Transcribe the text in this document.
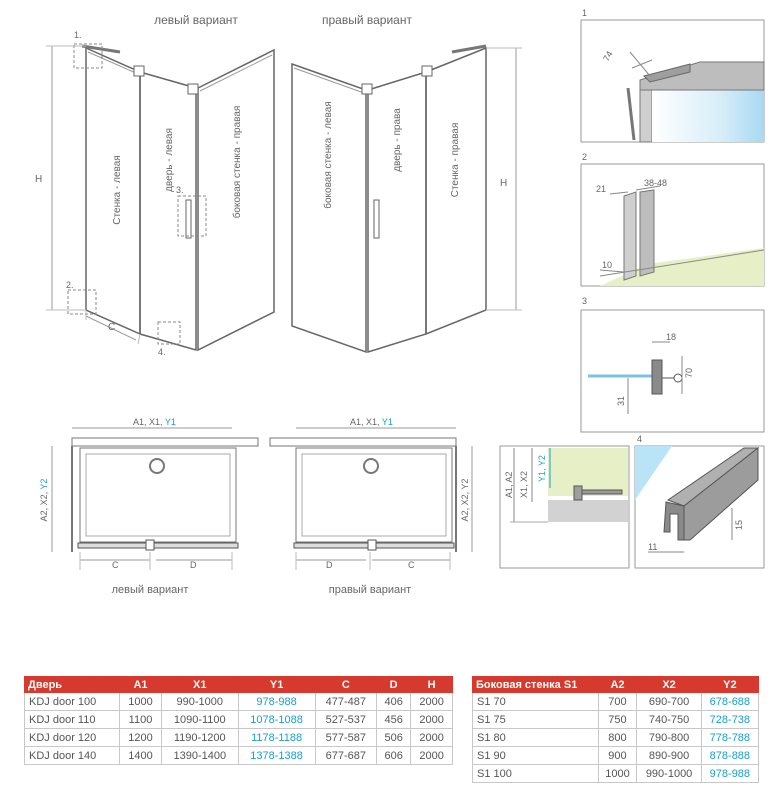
левый вариант	правый вариант
H
C
1.
2.
3.
4.
Стенка - левая	дверь - левая	боковая стенка - правая	H
боковая стенка - левая	дверь - права	Стенка - правая
1
74
2
21
38-48
10
3
18
70
31
4
11
15
A1, A2 X1, X2
Y1, Y2
A1, X1, Y1
A2, X2, Y2
C	D
левый вариант
A1, X1, Y1
A2, X2, Y2
D	C
правый вариант
Дверь	A1	X1	Y1	C	D	H
KDJ door 100	1000	990-1000	978-988	477-487	406	2000
KDJ door 110	1100	1090-1100	1078-1088	527-537	456	2000
KDJ door 120	1200	1190-1200	1178-1188	577-587	506	2000
KDJ door 140	1400	1390-1400	1378-1388	677-687	606	2000
Боковая стенка S1	A2	X2	Y2
S1 70	700	690-700	678-688
S1 75	750	740-750	728-738
S1 80	800	790-800	778-788
S1 90	900	890-900	878-888
S1 100	1000	990-1000	978-988
